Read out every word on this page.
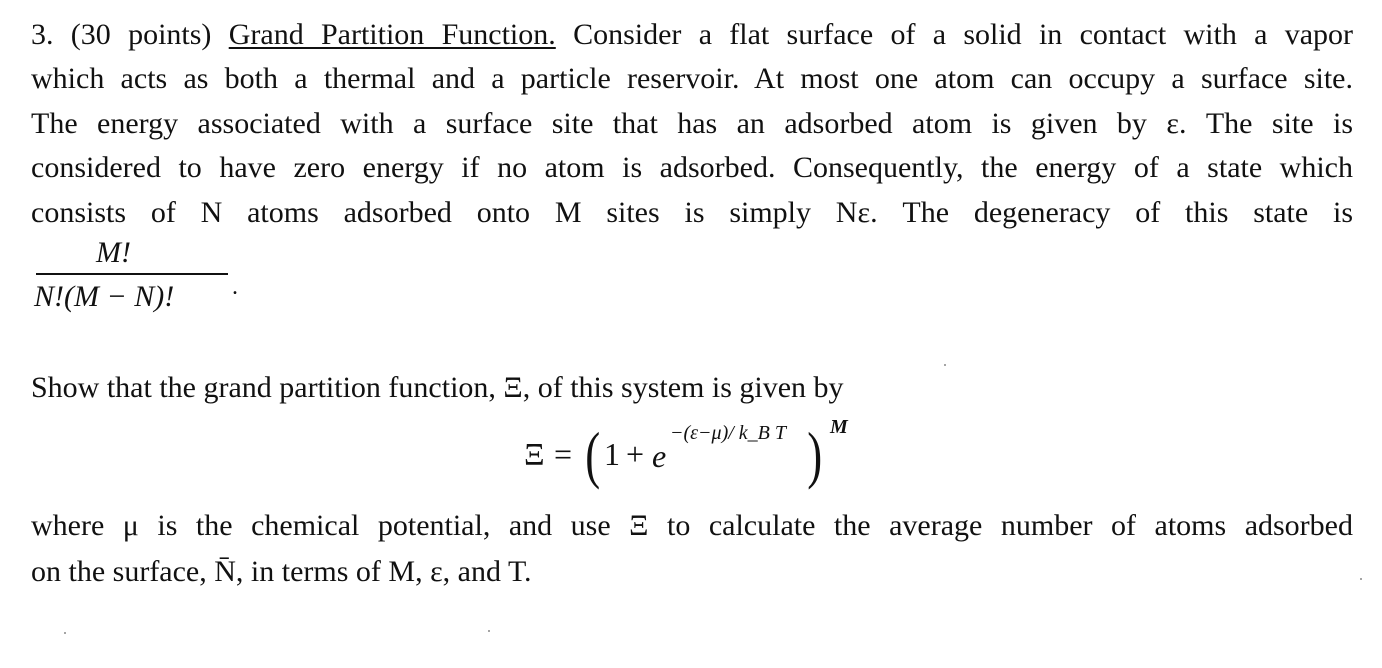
3. (30 points) Grand Partition Function. Consider a flat surface of a solid in contact with a vapor
which acts as both a thermal and a particle reservoir. At most one atom can occupy a surface site.
The energy associated with a surface site that has an adsorbed atom is given by ε. The site is
considered to have zero energy if no atom is adsorbed. Consequently, the energy of a state which
consists of N atoms adsorbed onto M sites is simply Nε. The degeneracy of this state is
M!
N!(M − N)! .
Show that the grand partition function, Ξ, of this system is given by
Ξ = ( 1 + e
−(ε−μ)/ k_B T ) M
where μ is the chemical potential, and use Ξ to calculate the average number of atoms adsorbed
on the surface, N̄, in terms of M, ε, and T.
